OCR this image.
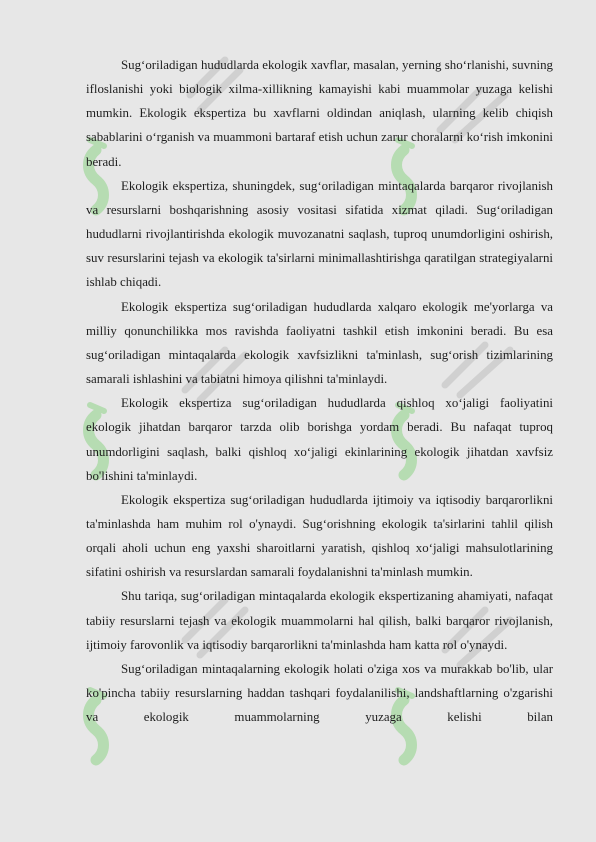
Sug‘oriladigan hududlarda ekologik xavflar, masalan, yerning sho‘rlanishi, suvning ifloslanishi yoki biologik xilma-xillikning kamayishi kabi muammolar yuzaga kelishi mumkin. Ekologik ekspertiza bu xavflarni oldindan aniqlash, ularning kelib chiqish sabablarini o‘rganish va muammoni bartaraf etish uchun zarur choralarni ko‘rish imkonini beradi.

Ekologik ekspertiza, shuningdek, sug‘oriladigan mintaqalarda barqaror rivojlanish va resurslarni boshqarishning asosiy vositasi sifatida xizmat qiladi. Sug‘oriladigan hududlarni rivojlantirishda ekologik muvozanatni saqlash, tuproq unumdorligini oshirish, suv resurslarini tejash va ekologik ta'sirlarni minimallashtirishga qaratilgan strategiyalarni ishlab chiqadi.

Ekologik ekspertiza sug‘oriladigan hududlarda xalqaro ekologik me'yorlarga va milliy qonunchilikka mos ravishda faoliyatni tashkil etish imkonini beradi. Bu esa sug‘oriladigan mintaqalarda ekologik xavfsizlikni ta'minlash, sug‘orish tizimlarining samarali ishlashini va tabiatni himoya qilishni ta'minlaydi.

Ekologik ekspertiza sug‘oriladigan hududlarda qishloq xo‘jaligi faoliyatini ekologik jihatdan barqaror tarzda olib borishga yordam beradi. Bu nafaqat tuproq unumdorligini saqlash, balki qishloq xo‘jaligi ekinlarining ekologik jihatdan xavfsiz bo'lishini ta'minlaydi.

Ekologik ekspertiza sug‘oriladigan hududlarda ijtimoiy va iqtisodiy barqarorlikni ta'minlashda ham muhim rol o'ynaydi. Sug‘orishning ekologik ta'sirlarini tahlil qilish orqali aholi uchun eng yaxshi sharoitlarni yaratish, qishloq xo‘jaligi mahsulotlarining sifatini oshirish va resurslardan samarali foydalanishni ta'minlash mumkin.

Shu tariqa, sug‘oriladigan mintaqalarda ekologik ekspertizaning ahamiyati, nafaqat tabiiy resurslarni tejash va ekologik muammolarni hal qilish, balki barqaror rivojlanish, ijtimoiy farovonlik va iqtisodiy barqarorlikni ta'minlashda ham katta rol o'ynaydi.

Sug‘oriladigan mintaqalarning ekologik holati o'ziga xos va murakkab bo'lib, ular ko'pincha tabiiy resurslarning haddan tashqari foydalanilishi, landshaftlarning o'zgarishi va ekologik muammolarning yuzaga kelishi bilan
